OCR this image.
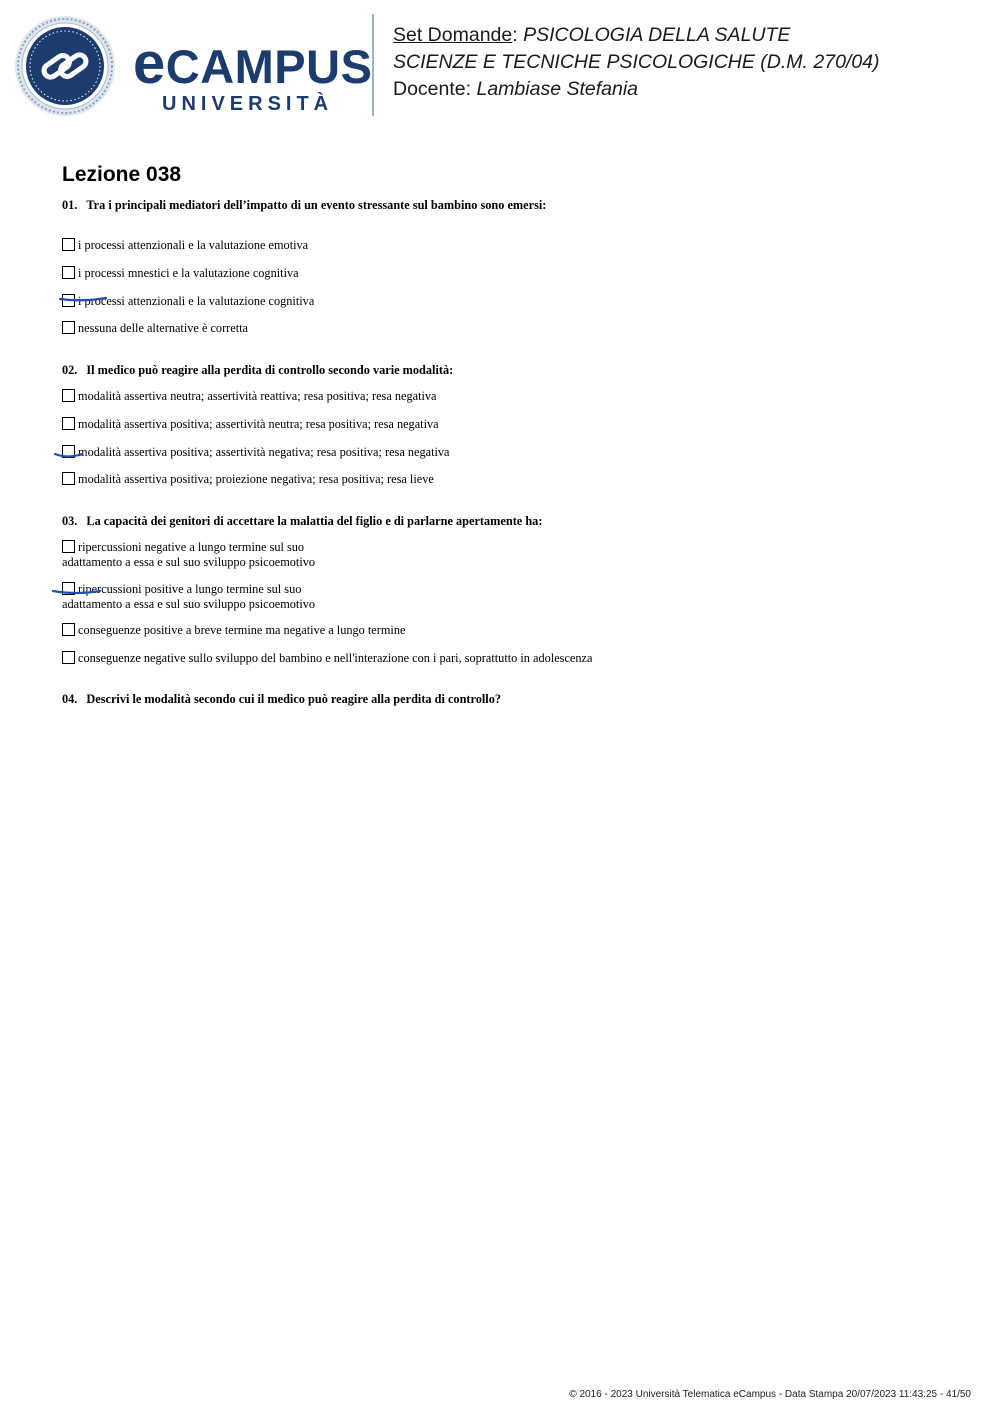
eCAMPUS
UNIVERSITÀ
Set Domande: PSICOLOGIA DELLA SALUTE
SCIENZE E TECNICHE PSICOLOGICHE (D.M. 270/04)
Docente: Lambiase Stefania
Lezione 038
01. Tra i principali mediatori dell’impatto di un evento stressante sul bambino sono emersi:
i processi attenzionali e la valutazione emotiva
i processi mnestici e la valutazione cognitiva
i processi attenzionali e la valutazione cognitiva
nessuna delle alternative è corretta
02. Il medico può reagire alla perdita di controllo secondo varie modalità:
modalità assertiva neutra; assertività reattiva; resa positiva; resa negativa
modalità assertiva positiva; assertività neutra; resa positiva; resa negativa
modalità assertiva positiva; assertività negativa; resa positiva; resa negativa
modalità assertiva positiva; proiezione negativa; resa positiva; resa lieve
03. La capacità dei genitori di accettare la malattia del figlio e di parlarne apertamente ha:
ripercussioni negative a lungo termine sul suo
adattamento a essa e sul suo sviluppo psicoemotivo
ripercussioni positive a lungo termine sul suo
adattamento a essa e sul suo sviluppo psicoemotivo
conseguenze positive a breve termine ma negative a lungo termine
conseguenze negative sullo sviluppo del bambino e nell'interazione con i pari, soprattutto in adolescenza
04. Descrivi le modalità secondo cui il medico può reagire alla perdita di controllo?
© 2016 - 2023 Università Telematica eCampus - Data Stampa 20/07/2023 11:43:25 - 41/50
